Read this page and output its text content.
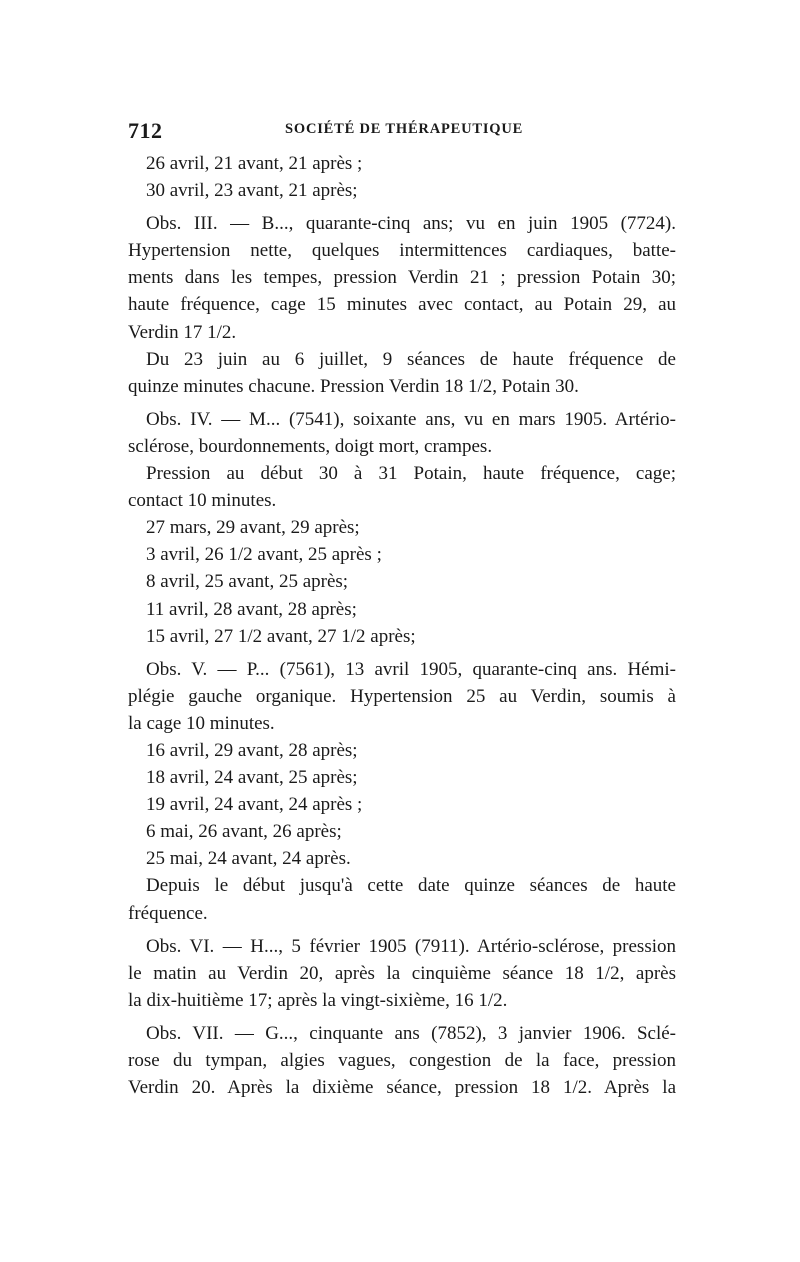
712	SOCIÉTÉ DE THÉRAPEUTIQUE
26 avril, 21 avant, 21 après ;
30 avril, 23 avant, 21 après;
Obs. III. — B..., quarante-cinq ans; vu en juin 1905 (7724).
Hypertension nette, quelques intermittences cardiaques, batte-
ments dans les tempes, pression Verdin 21 ; pression Potain 30;
haute fréquence, cage 15 minutes avec contact, au Potain 29, au
Verdin 17 1/2.
Du 23 juin au 6 juillet, 9 séances de haute fréquence de
quinze minutes chacune. Pression Verdin 18 1/2, Potain 30.
Obs. IV. — M... (7541), soixante ans, vu en mars 1905. Artério-
sclérose, bourdonnements, doigt mort, crampes.
Pression au début 30 à 31 Potain, haute fréquence, cage;
contact 10 minutes.
27 mars, 29 avant, 29 après;
3 avril, 26 1/2 avant, 25 après ;
8 avril, 25 avant, 25 après;
11 avril, 28 avant, 28 après;
15 avril, 27 1/2 avant, 27 1/2 après;
Obs. V. — P... (7561), 13 avril 1905, quarante-cinq ans. Hémi-
plégie gauche organique. Hypertension 25 au Verdin, soumis à
la cage 10 minutes.
16 avril, 29 avant, 28 après;
18 avril, 24 avant, 25 après;
19 avril, 24 avant, 24 après ;
6 mai, 26 avant, 26 après;
25 mai, 24 avant, 24 après.
Depuis le début jusqu'à cette date quinze séances de haute
fréquence.
Obs. VI. — H..., 5 février 1905 (7911). Artério-sclérose, pression
le matin au Verdin 20, après la cinquième séance 18 1/2, après
la dix-huitième 17; après la vingt-sixième, 16 1/2.
Obs. VII. — G..., cinquante ans (7852), 3 janvier 1906. Sclé-
rose du tympan, algies vagues, congestion de la face, pression
Verdin 20. Après la dixième séance, pression 18 1/2. Après la
